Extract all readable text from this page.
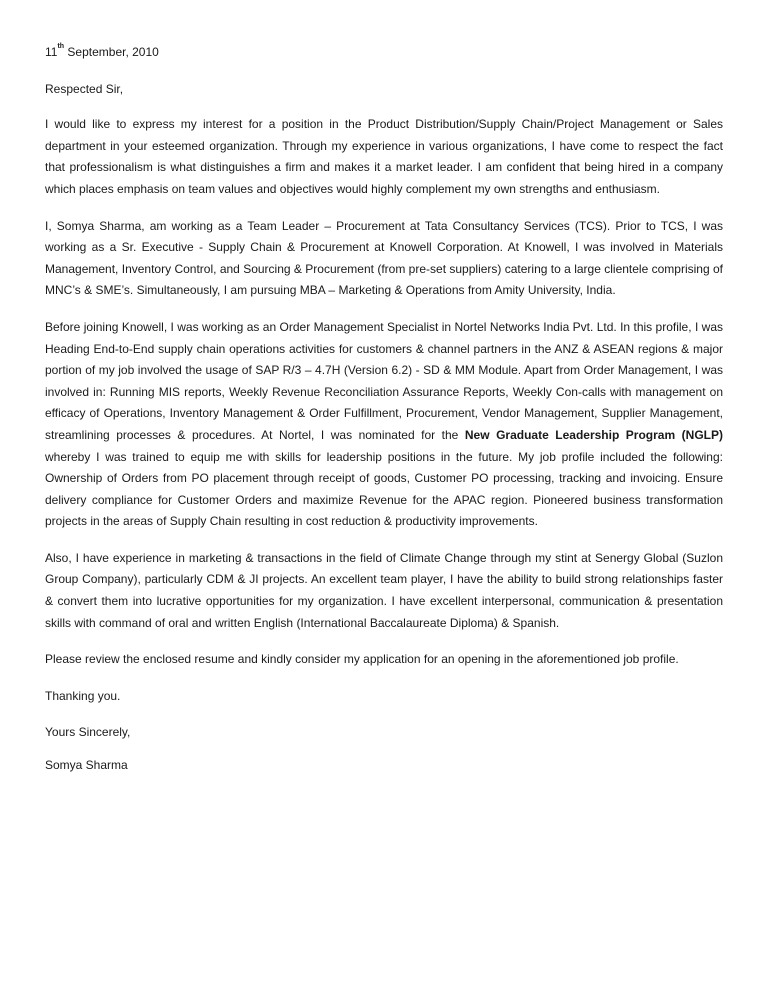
11th September, 2010

Respected Sir,

I would like to express my interest for a position in the Product Distribution/Supply Chain/Project Management or Sales department in your esteemed organization. Through my experience in various organizations, I have come to respect the fact that professionalism is what distinguishes a firm and makes it a market leader. I am confident that being hired in a company which places emphasis on team values and objectives would highly complement my own strengths and enthusiasm.

I, Somya Sharma, am working as a Team Leader – Procurement at Tata Consultancy Services (TCS). Prior to TCS, I was working as a Sr. Executive - Supply Chain & Procurement at Knowell Corporation. At Knowell, I was involved in Materials Management, Inventory Control, and Sourcing & Procurement (from pre-set suppliers) catering to a large clientele comprising of MNC’s & SME’s. Simultaneously, I am pursuing MBA – Marketing & Operations from Amity University, India.

Before joining Knowell, I was working as an Order Management Specialist in Nortel Networks India Pvt. Ltd. In this profile, I was Heading End-to-End supply chain operations activities for customers & channel partners in the ANZ & ASEAN regions & major portion of my job involved the usage of SAP R/3 – 4.7H (Version 6.2) - SD & MM Module. Apart from Order Management, I was involved in: Running MIS reports, Weekly Revenue Reconciliation Assurance Reports, Weekly Con-calls with management on efficacy of Operations, Inventory Management & Order Fulfillment, Procurement, Vendor Management, Supplier Management, streamlining processes & procedures. At Nortel, I was nominated for the New Graduate Leadership Program (NGLP) whereby I was trained to equip me with skills for leadership positions in the future. My job profile included the following: Ownership of Orders from PO placement through receipt of goods, Customer PO processing, tracking and invoicing. Ensure delivery compliance for Customer Orders and maximize Revenue for the APAC region. Pioneered business transformation projects in the areas of Supply Chain resulting in cost reduction & productivity improvements.

Also, I have experience in marketing & transactions in the field of Climate Change through my stint at Senergy Global (Suzlon Group Company), particularly CDM & JI projects. An excellent team player, I have the ability to build strong relationships faster & convert them into lucrative opportunities for my organization. I have excellent interpersonal, communication & presentation skills with command of oral and written English (International Baccalaureate Diploma) & Spanish.

Please review the enclosed resume and kindly consider my application for an opening in the aforementioned job profile.

Thanking you.

Yours Sincerely,

Somya Sharma
